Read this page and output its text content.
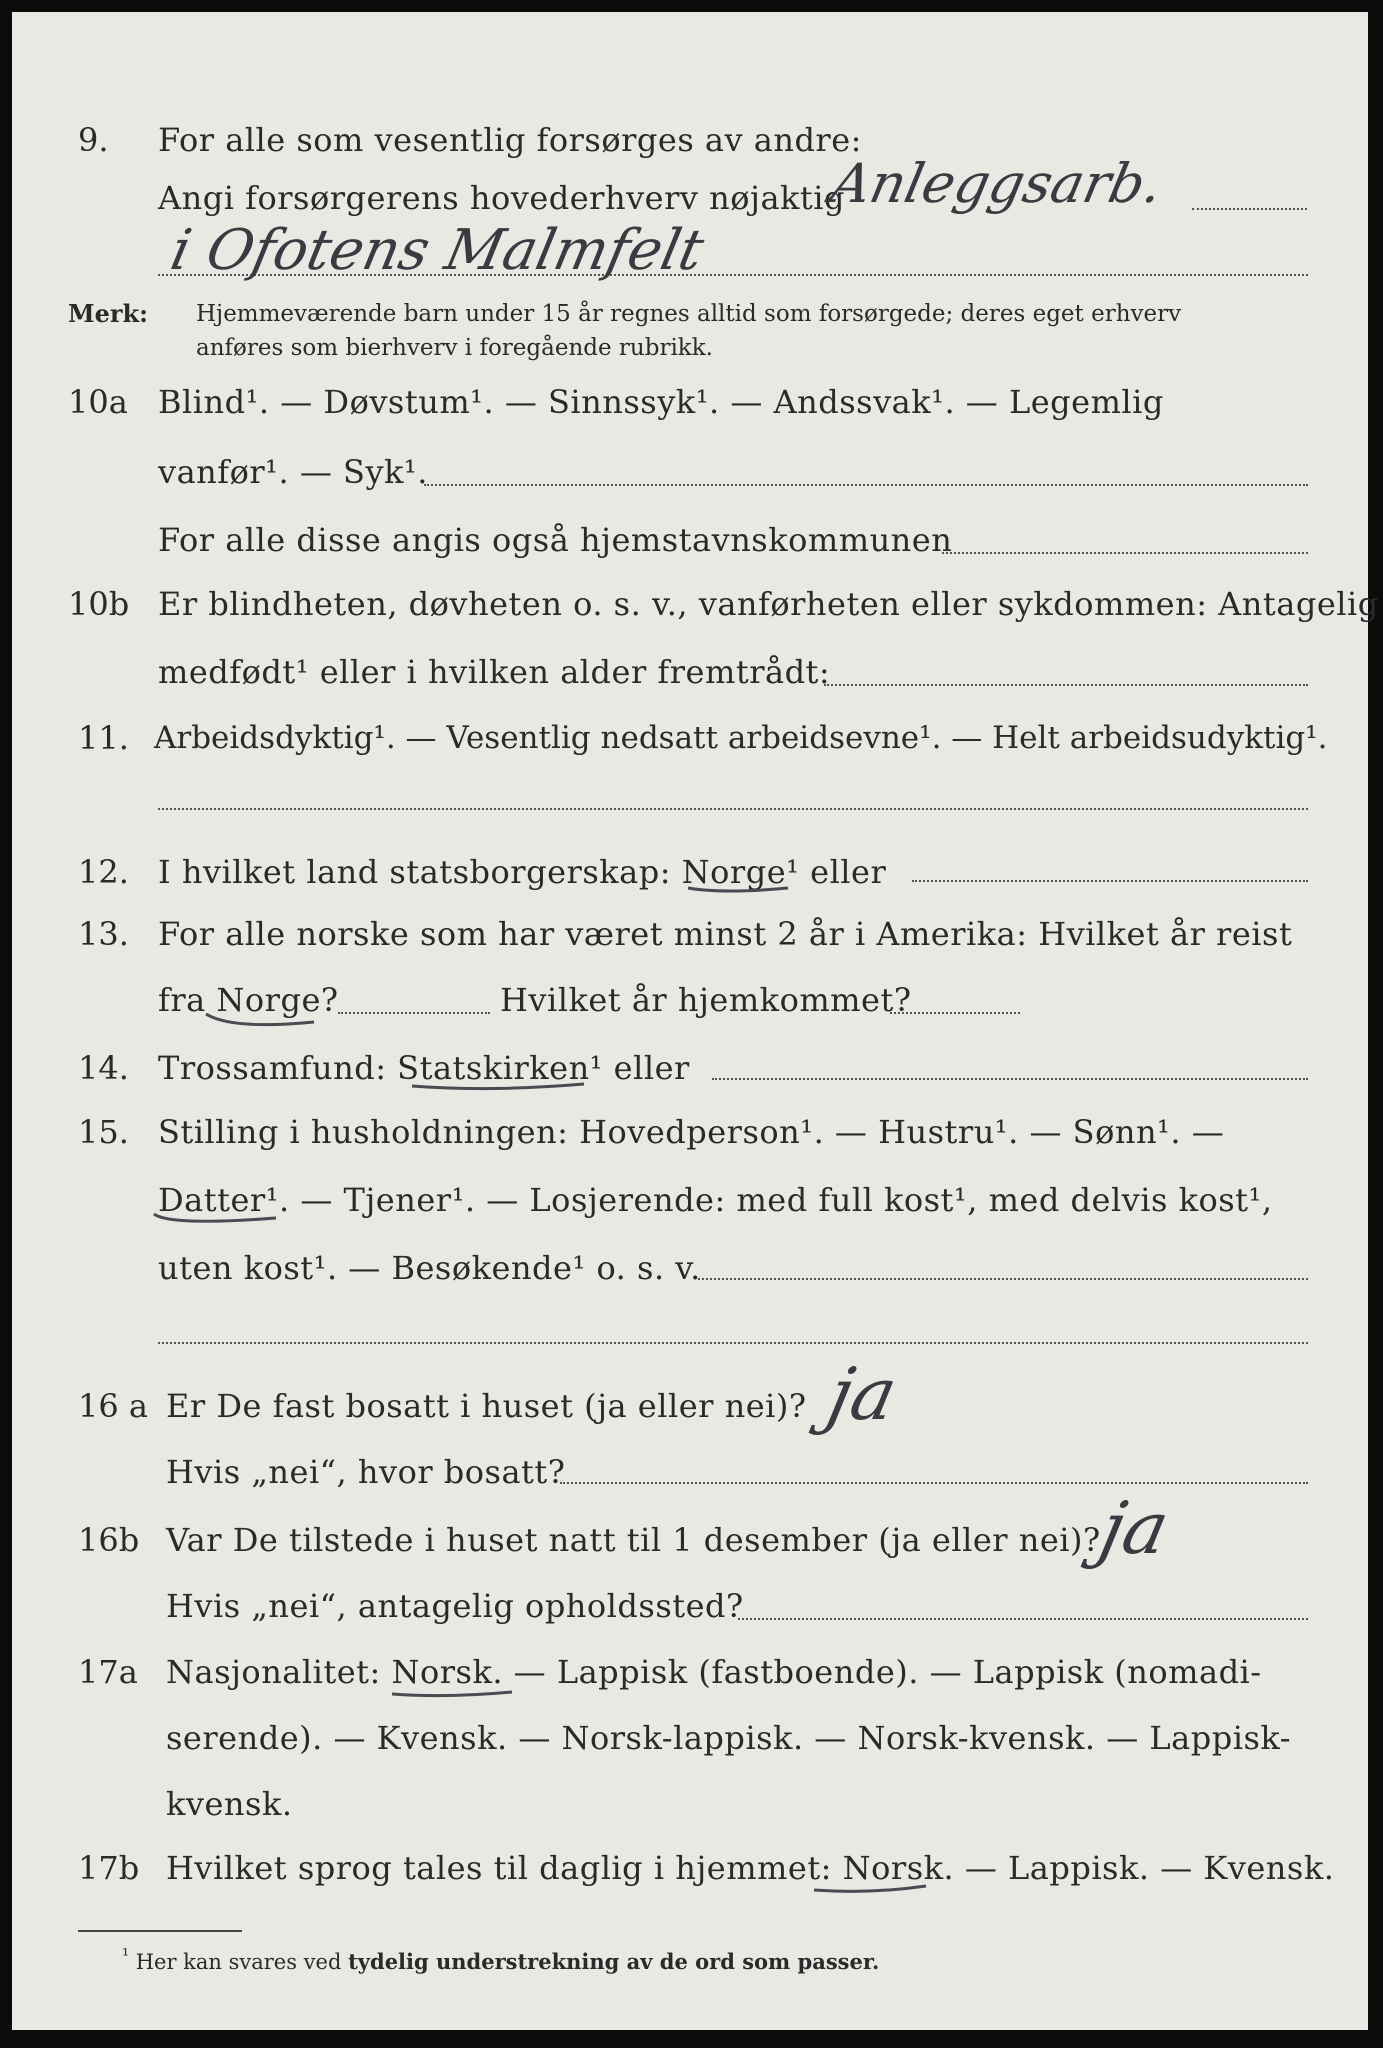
9. For alle som vesentlig forsørges av andre:
Angi forsørgerens hovederhverv nøjaktig
Anleggsarb.
i Ofotens Malmfelt
Merk: Hjemmeværende barn under 15 år regnes alltid som forsørgede; deres eget erhverv
anføres som bierhverv i foregående rubrikk.
10a Blind¹. — Døvstum¹. — Sinnssyk¹. — Andssvak¹. — Legemlig
vanfør¹. — Syk¹.
For alle disse angis også hjemstavnskommunen
10b Er blindheten, døvheten o. s. v., vanførheten eller sykdommen: Antagelig
medfødt¹ eller i hvilken alder fremtrådt:
11. Arbeidsdyktig¹. — Vesentlig nedsatt arbeidsevne¹. — Helt arbeidsudyktig¹.
12. I hvilket land statsborgerskap: Norge¹ eller
13. For alle norske som har været minst 2 år i Amerika: Hvilket år reist
fra Norge?	Hvilket år hjemkommet?
14. Trossamfund: Statskirken¹ eller
15. Stilling i husholdningen: Hovedperson¹. — Hustru¹. — Sønn¹. —
Datter¹. — Tjener¹. — Losjerende: med full kost¹, med delvis kost¹,
uten kost¹. — Besøkende¹ o. s. v.
16 a Er De fast bosatt i huset (ja eller nei)?
Hvis „nei“, hvor bosatt?
ja
16b Var De tilstede i huset natt til 1 desember (ja eller nei)?
Hvis „nei“, antagelig opholdssted?
ja
17a Nasjonalitet: Norsk. — Lappisk (fastboende). — Lappisk (nomadi-
serende). — Kvensk. — Norsk-lappisk. — Norsk-kvensk. — Lappisk-
kvensk.
17b Hvilket sprog tales til daglig i hjemmet: Norsk. — Lappisk. — Kvensk.
$^{^1}$ Her kan svares ved tydelig understrekning av de ord som passer.
